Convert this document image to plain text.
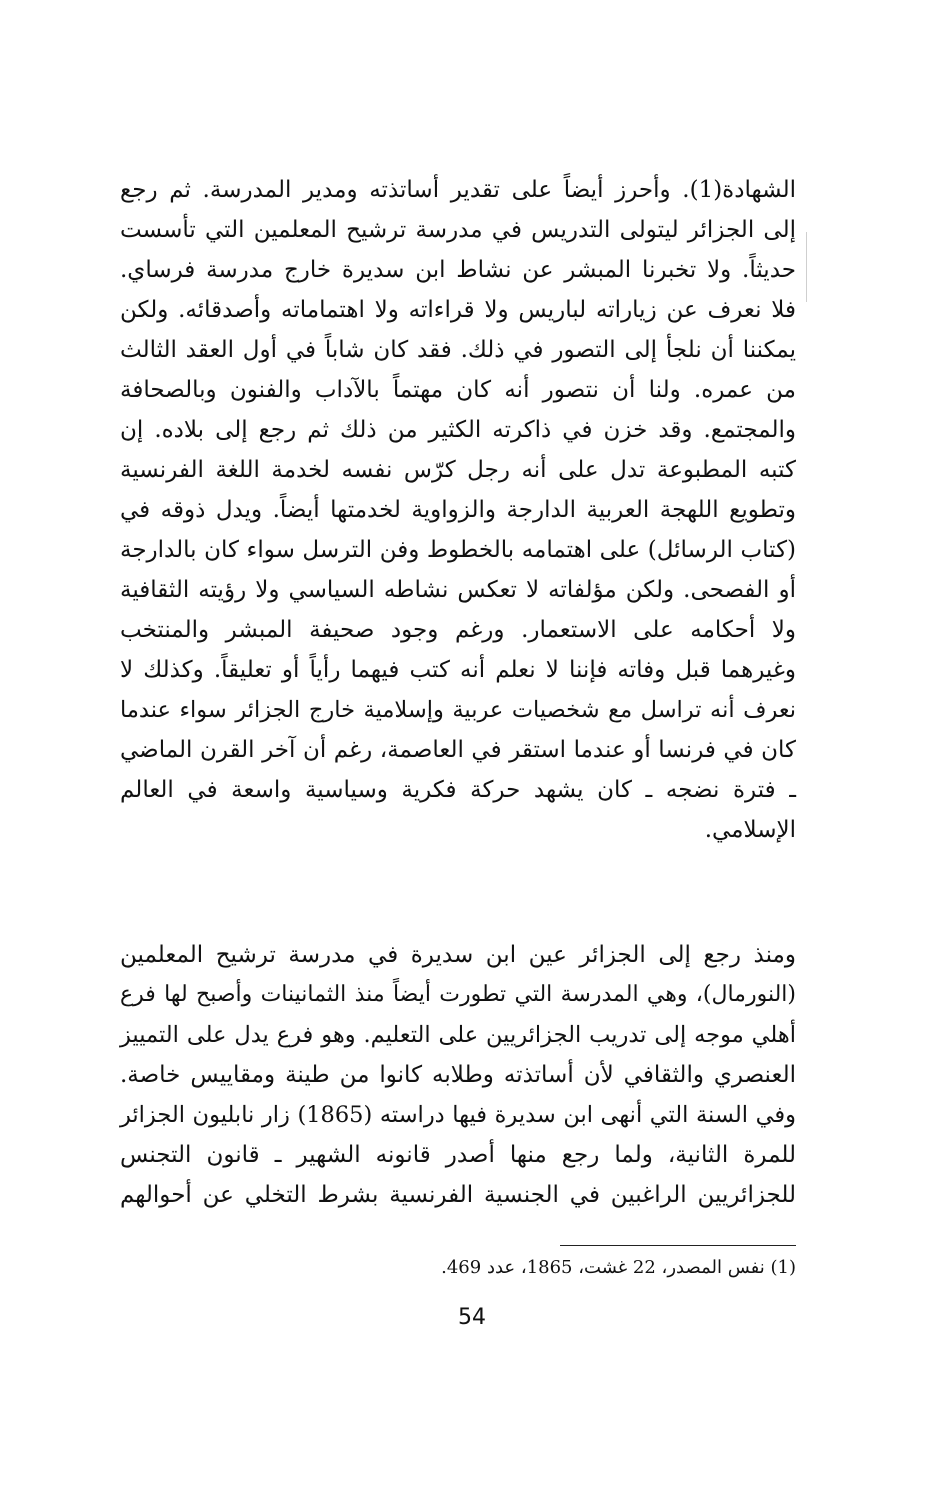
الشهادة(1). وأحرز أيضاً على تقدير أساتذته ومدير المدرسة. ثم رجع
إلى الجزائر ليتولى التدريس في مدرسة ترشيح المعلمين التي تأسست
حديثاً. ولا تخبرنا المبشر عن نشاط ابن سديرة خارج مدرسة فرساي.
فلا نعرف عن زياراته لباريس ولا قراءاته ولا اهتماماته وأصدقائه. ولكن
يمكننا أن نلجأ إلى التصور في ذلك. فقد كان شاباً في أول العقد الثالث
من عمره. ولنا أن نتصور أنه كان مهتماً بالآداب والفنون وبالصحافة
والمجتمع. وقد خزن في ذاكرته الكثير من ذلك ثم رجع إلى بلاده. إن
كتبه المطبوعة تدل على أنه رجل كرّس نفسه لخدمة اللغة الفرنسية
وتطويع اللهجة العربية الدارجة والزواوية لخدمتها أيضاً. ويدل ذوقه في
(كتاب الرسائل) على اهتمامه بالخطوط وفن الترسل سواء كان بالدارجة
أو الفصحى. ولكن مؤلفاته لا تعكس نشاطه السياسي ولا رؤيته الثقافية
ولا أحكامه على الاستعمار. ورغم وجود صحيفة المبشر والمنتخب
وغيرهما قبل وفاته فإننا لا نعلم أنه كتب فيهما رأياً أو تعليقاً. وكذلك لا
نعرف أنه تراسل مع شخصيات عربية وإسلامية خارج الجزائر سواء عندما
كان في فرنسا أو عندما استقر في العاصمة، رغم أن آخر القرن الماضي
ـ فترة نضجه ـ كان يشهد حركة فكرية وسياسية واسعة في العالم
الإسلامي.
ومنذ رجع إلى الجزائر عين ابن سديرة في مدرسة ترشيح المعلمين
(النورمال)، وهي المدرسة التي تطورت أيضاً منذ الثمانينات وأصبح لها فرع
أهلي موجه إلى تدريب الجزائريين على التعليم. وهو فرع يدل على التمييز
العنصري والثقافي لأن أساتذته وطلابه كانوا من طينة ومقاييس خاصة.
وفي السنة التي أنهى ابن سديرة فيها دراسته (1865) زار نابليون الجزائر
للمرة الثانية، ولما رجع منها أصدر قانونه الشهير ـ قانون التجنس
للجزائريين الراغبين في الجنسية الفرنسية بشرط التخلي عن أحوالهم
(1) نفس المصدر، 22 غشت، 1865، عدد 469.
54
